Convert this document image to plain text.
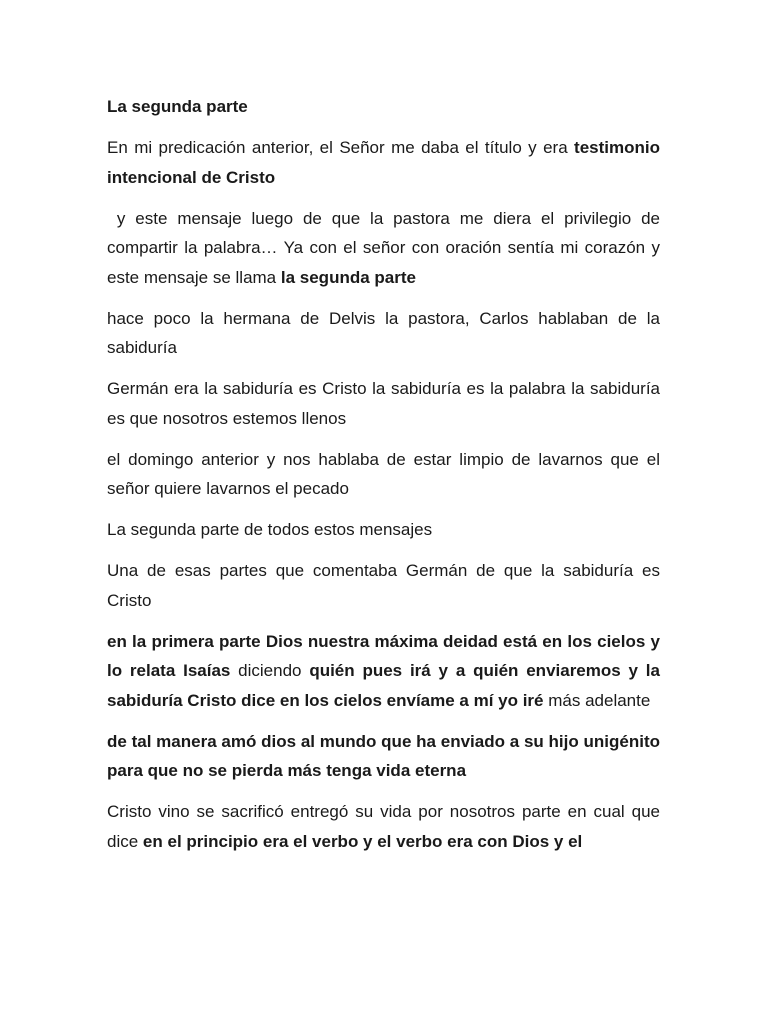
La segunda parte

En mi predicación anterior, el Señor me daba el título y era testimonio intencional de Cristo

y este mensaje luego de que la pastora me diera el privilegio de compartir la palabra… Ya con el señor con oración sentía mi corazón y este mensaje se llama la segunda parte

hace poco la hermana de Delvis la pastora, Carlos hablaban de la sabiduría

Germán era la sabiduría es Cristo la sabiduría es la palabra la sabiduría es que nosotros estemos llenos

el domingo anterior y nos hablaba de estar limpio de lavarnos que el señor quiere lavarnos el pecado

La segunda parte de todos estos mensajes

Una de esas partes que comentaba Germán de que la sabiduría es Cristo

en la primera parte Dios nuestra máxima deidad está en los cielos y lo relata Isaías diciendo quién pues irá y a quién enviaremos y la sabiduría Cristo dice en los cielos envíame a mí yo iré más adelante

de tal manera amó dios al mundo que ha enviado a su hijo unigénito para que no se pierda más tenga vida eterna

Cristo vino se sacrificó entregó su vida por nosotros parte en cual que dice en el principio era el verbo y el verbo era con Dios y el
